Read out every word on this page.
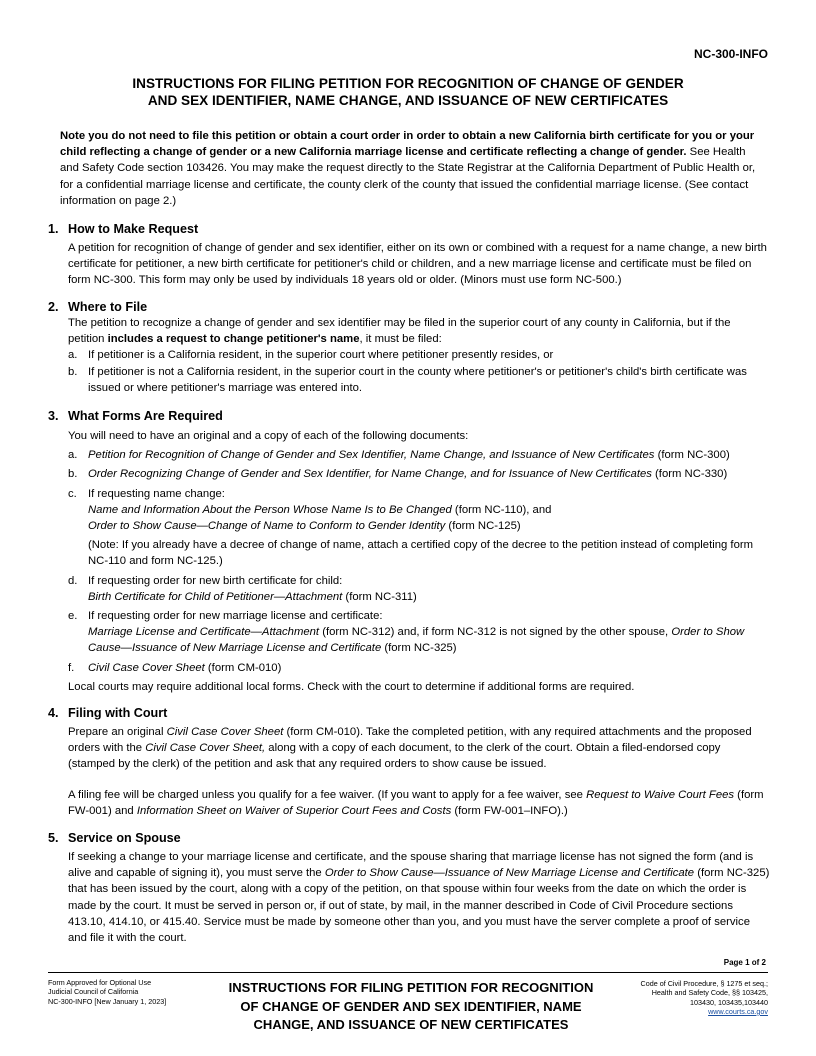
NC-300-INFO
INSTRUCTIONS FOR FILING PETITION FOR RECOGNITION OF CHANGE OF GENDER
AND SEX IDENTIFIER, NAME CHANGE, AND ISSUANCE OF NEW CERTIFICATES
Note you do not need to file this petition or obtain a court order in order to obtain a new California birth certificate for you or your child reflecting a change of gender or a new California marriage license and certificate reflecting a change of gender. See Health and Safety Code section 103426. You may make the request directly to the State Registrar at the California Department of Public Health or, for a confidential marriage license and certificate, the county clerk of the county that issued the confidential marriage license. (See contact information on page 2.)
1. How to Make Request
A petition for recognition of change of gender and sex identifier, either on its own or combined with a request for a name change, a new birth certificate for petitioner, a new birth certificate for petitioner's child or children, and a new marriage license and certificate must be filed on form NC-300. This form may only be used by individuals 18 years old or older. (Minors must use form NC-500.)
2. Where to File
The petition to recognize a change of gender and sex identifier may be filed in the superior court of any county in California, but if the petition includes a request to change petitioner's name, it must be filed:
a. If petitioner is a California resident, in the superior court where petitioner presently resides, or
b. If petitioner is not a California resident, in the superior court in the county where petitioner's or petitioner's child's birth certificate was issued or where petitioner's marriage was entered into.
3. What Forms Are Required
You will need to have an original and a copy of each of the following documents:
a. Petition for Recognition of Change of Gender and Sex Identifier, Name Change, and Issuance of New Certificates (form NC-300)
b. Order Recognizing Change of Gender and Sex Identifier, for Name Change, and for Issuance of New Certificates (form NC-330)
c. If requesting name change:
Name and Information About the Person Whose Name Is to Be Changed (form NC-110), and
Order to Show Cause—Change of Name to Conform to Gender Identity (form NC-125)
(Note: If you already have a decree of change of name, attach a certified copy of the decree to the petition instead of completing form NC-110 and form NC-125.)
d. If requesting order for new birth certificate for child:
Birth Certificate for Child of Petitioner—Attachment (form NC-311)
e. If requesting order for new marriage license and certificate:
Marriage License and Certificate—Attachment (form NC-312) and, if form NC-312 is not signed by the other spouse, Order to Show Cause—Issuance of New Marriage License and Certificate (form NC-325)
f.	Civil Case Cover Sheet (form CM-010)
Local courts may require additional local forms. Check with the court to determine if additional forms are required.
4. Filing with Court
Prepare an original Civil Case Cover Sheet (form CM-010). Take the completed petition, with any required attachments and the proposed orders with the Civil Case Cover Sheet, along with a copy of each document, to the clerk of the court. Obtain a filed-endorsed copy (stamped by the clerk) of the petition and ask that any required orders to show cause be issued.
A filing fee will be charged unless you qualify for a fee waiver. (If you want to apply for a fee waiver, see Request to Waive Court Fees (form FW-001) and Information Sheet on Waiver of Superior Court Fees and Costs (form FW-001–INFO).)
5. Service on Spouse
If seeking a change to your marriage license and certificate, and the spouse sharing that marriage license has not signed the form (and is alive and capable of signing it), you must serve the Order to Show Cause—Issuance of New Marriage License and Certificate (form NC-325) that has been issued by the court, along with a copy of the petition, on that spouse within four weeks from the date on which the order is made by the court. It must be served in person or, if out of state, by mail, in the manner described in Code of Civil Procedure sections 413.10, 414.10, or 415.40. Service must be made by someone other than you, and you must have the server complete a proof of service and file it with the court.
Page 1 of 2
Form Approved for Optional Use
Judicial Council of California
NC-300-INFO [New January 1, 2023]
INSTRUCTIONS FOR FILING PETITION FOR RECOGNITION
OF CHANGE OF GENDER AND SEX IDENTIFIER, NAME
CHANGE, AND ISSUANCE OF NEW CERTIFICATES
Code of Civil Procedure, § 1275 et seq.;
Health and Safety Code, §§ 103425,
103430, 103435,103440
www.courts.ca.gov
